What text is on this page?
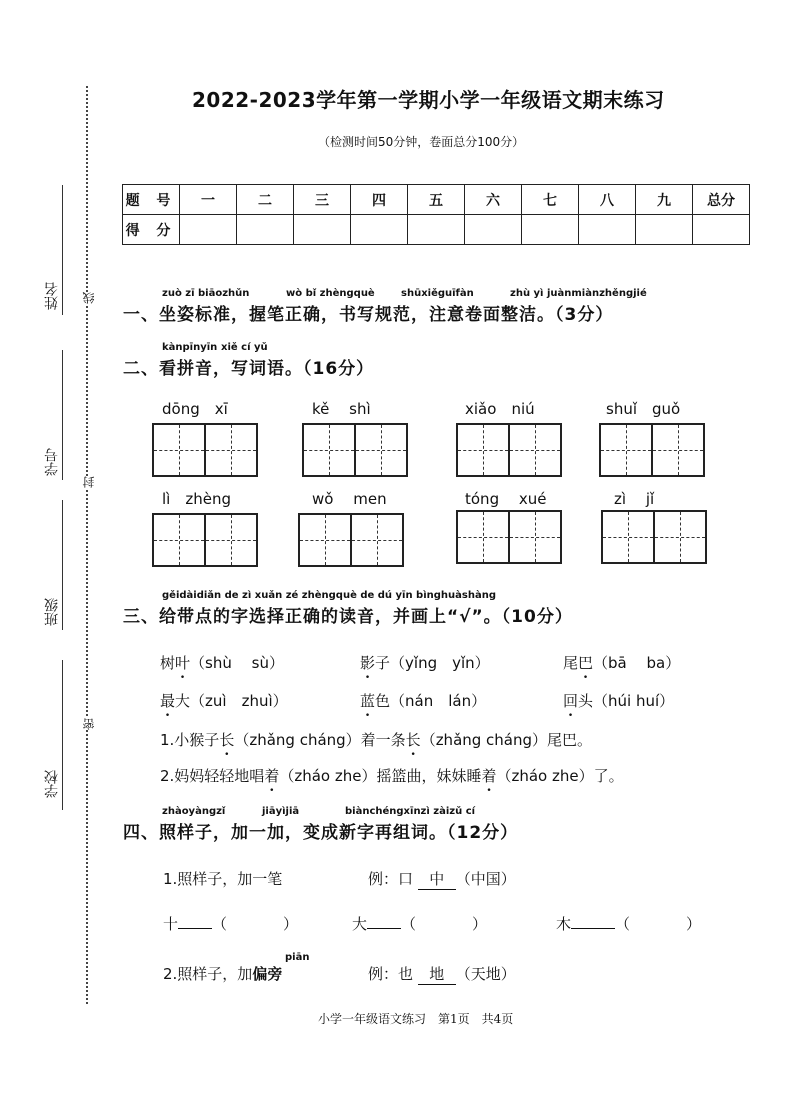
姓名
学号
班级
学校
线
封
密
2022-2023学年第一学期小学一年级语文期末练习
（检测时间50分钟，卷面总分100分）
题 号	一	二	三	四	五	六	七	八	九	总分
得 分										
zuò zī biāozhǔn	wò bǐ zhèngquè	shūxiěguīfàn	zhù yì juànmiànzhěngjié
一、坐姿标准，握笔正确，书写规范，注意卷面整洁。（3分）
kànpīnyīn xiě cí yǔ
二、看拼音，写词语。（16分）
dōng　 xī	kě　 shì	xiǎo　 niú	shuǐ　 guǒ
lì　 zhèng	wǒ　 men	tóng　 xué	zì　 jǐ
gěidàidiǎn de zì xuǎn zé zhèngquè de dú yīn bìnghuàshàng
三、给带点的字选择正确的读音，并画上“√”。（10分）
树叶（shù　 sù）	影子（yǐng　yǐn）	尾巴（bā　 ba）
最大（zuì　zhuì）	蓝色（nán　lán）	回头（húi huí）
1.小猴子长（zhǎng cháng）着一条长（zhǎng cháng）尾巴。
2.妈妈轻轻地唱着（zháo zhe）摇篮曲，妹妹睡着（zháo zhe）了。
zhàoyàngzǐ	jiāyìjiā	biànchéngxīnzì zàizǔ cí
四、照样子，加一加，变成新字再组词。（12分）
1.照样子，加一笔	例：口 中 （中国）
十 （	）	大 （	）	木	（	）
piān
2.照样子，加偏旁	例：也 地 （天地）
小学一年级语文练习　第1页　共4页
